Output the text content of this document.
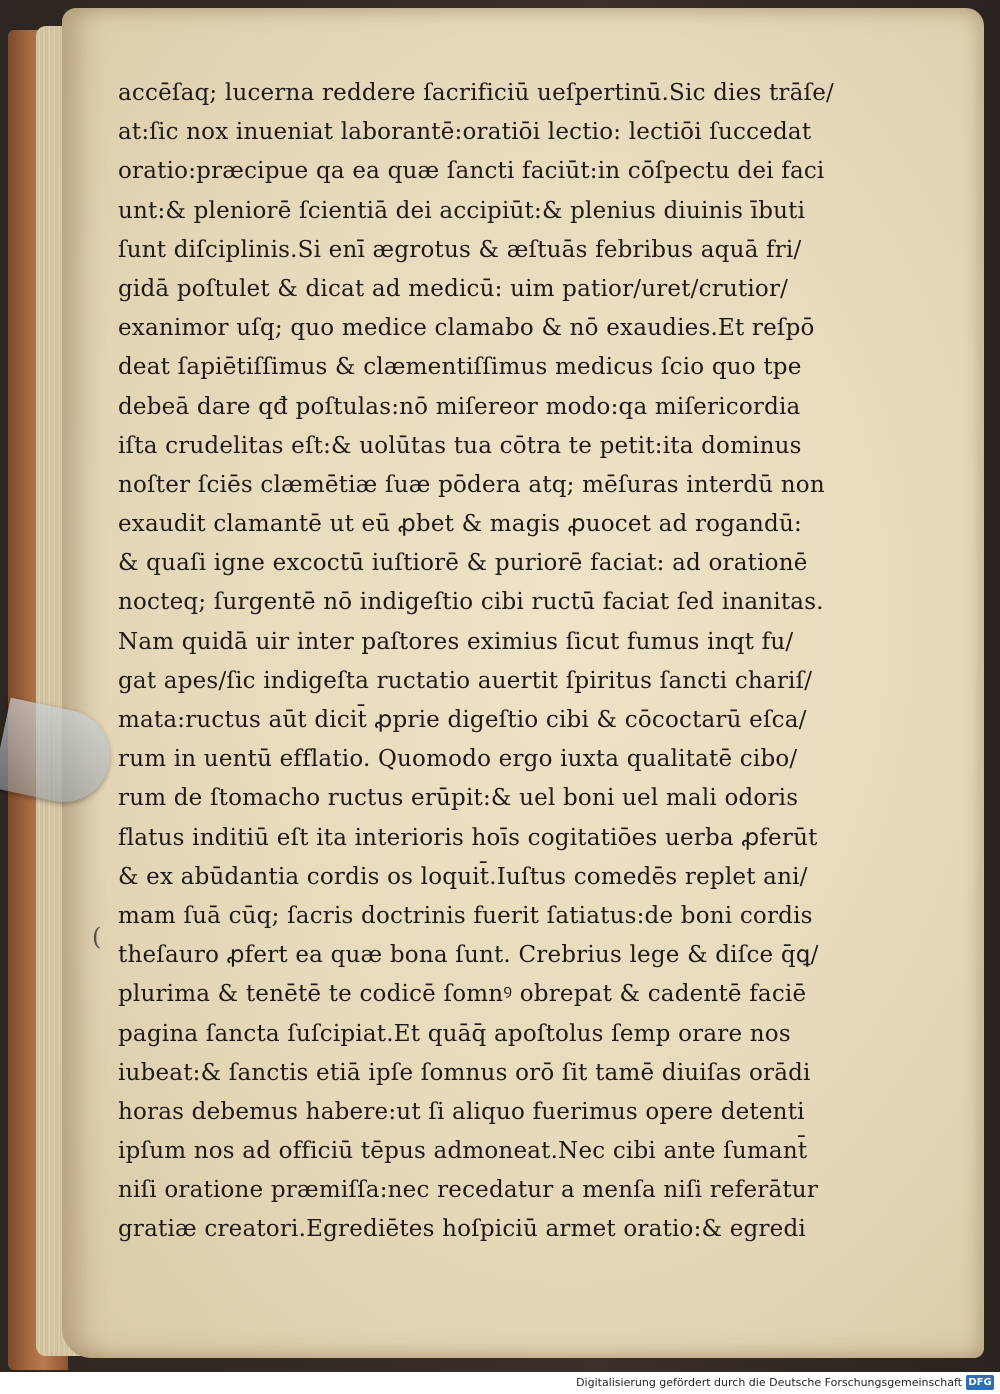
(
accēſaq; lucerna reddere ſacrificiū ueſpertinū.Sic dies trāſe/
at:ſic nox inueniat laborantē:oratiōi lectio: lectiōi ſuccedat
oratio:præcipue qa ea quæ ſancti faciūt:in cōſpectu dei faci
unt:& pleniorē ſcientiā dei accipiūt:& plenius diuinis ībuti
ſunt diſciplinis.Si enī ægrotus & æſtuās febribus aquā fri/
gidā poſtulet & dicat ad medicū: uim patior/uret/crutior/
exanimor uſq; quo medice clamabo & nō exaudies.Et reſpō
deat ſapiētiſſimus & clæmentiſſimus medicus ſcio quo tpe
debeā dare qđ poſtulas:nō miſereor modo:qa miſericordia
iſta crudelitas eſt:& uolūtas tua cōtra te petit:ita dominus
noſter ſciēs clæmētiæ ſuæ pōdera atq; mēſuras interdū non
exaudit clamantē ut eū ꝓbet & magis ꝓuocet ad rogandū:
& quaſi igne excoctū iuſtiorē & puriorē faciat: ad orationē
nocteq; ſurgentē nō indigeſtio cibi ructū faciat ſed inanitas.
Nam quidā uir inter paſtores eximius ſicut fumus inqt fu/
gat apes/ſic indigeſta ructatio auertit ſpiritus ſancti chariſ/
mata:ructus aūt dicit̄ ꝓprie digeſtio cibi & cōcoctarū eſca/
rum in uentū efflatio. Quomodo ergo iuxta qualitatē cibo/
rum de ſtomacho ructus erūpit:& uel boni uel mali odoris
flatus inditiū eſt ita interioris hoīs cogitatiōes uerba ꝓferūt
& ex abūdantia cordis os loquit̄.Iuſtus comedēs replet ani/
mam ſuā cūq; ſacris doctrinis fuerit ſatiatus:de boni cordis
theſauro ꝓfert ea quæ bona ſunt. Crebrius lege & diſce q̄ꝗ/
plurima & tenētē te codicē ſomnꝰ obrepat & cadentē faciē
pagina ſancta ſuſcipiat.Et quāq̄ apoſtolus ſemp orare nos
iubeat:& ſanctis etiā ipſe ſomnus orō ſit tamē diuiſas orādi
horas debemus habere:ut ſi aliquo fuerimus opere detenti
ipſum nos ad officiū tēpus admoneat.Nec cibi ante ſumant̄
niſi oratione præmiſſa:nec recedatur a menſa niſi referātur
gratiæ creatori.Egrediētes hoſpiciū armet oratio:& egredi
Digitalisierung gefördert durch die Deutsche Forschungsgemeinschaft DFG
